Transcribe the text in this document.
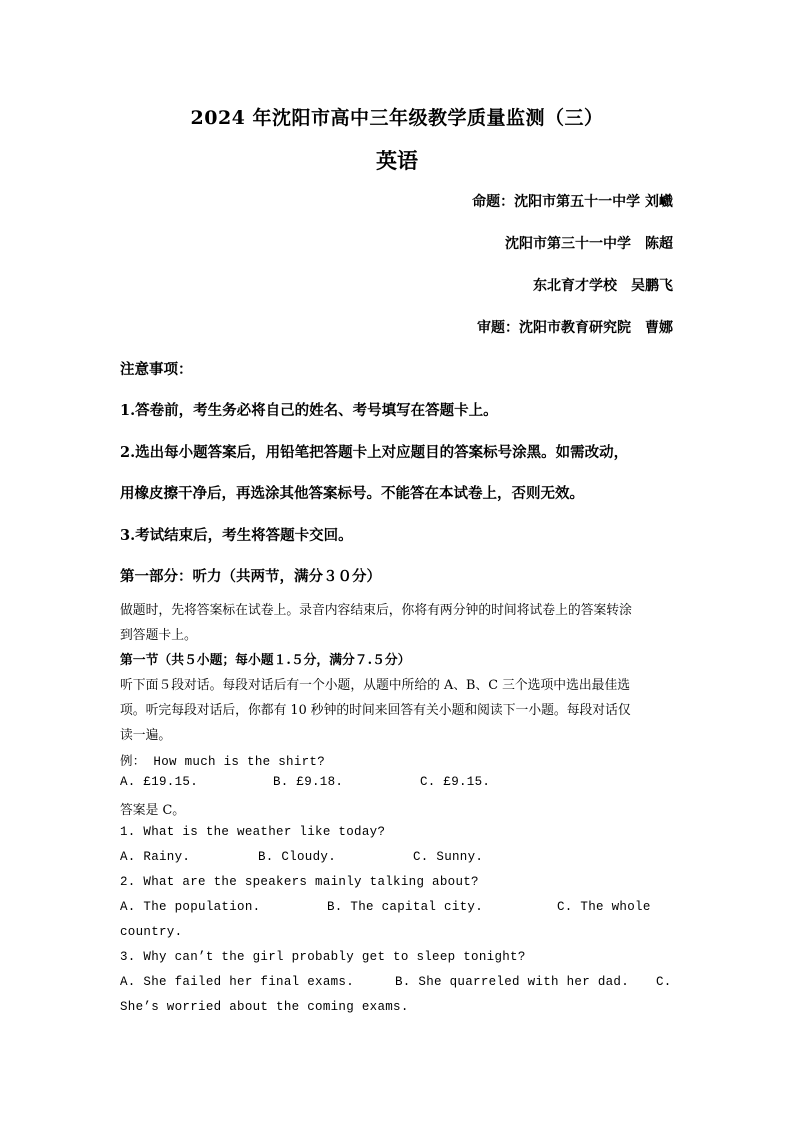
2024 年沈阳市高中三年级教学质量监测（三）
英语
命题：沈阳市第五十一中学 刘巇
沈阳市第三十一中学　陈超
东北育才学校　吴鹏飞
审题：沈阳市教育研究院　曹娜
注意事项：
1.答卷前，考生务必将自己的姓名、考号填写在答题卡上。
2.选出每小题答案后，用铅笔把答题卡上对应题目的答案标号涂黑。如需改动，
用橡皮擦干净后，再选涂其他答案标号。不能答在本试卷上，否则无效。
3.考试结束后，考生将答题卡交回。
第一部分：听力（共两节，满分３０分）
做题时，先将答案标在试卷上。录音内容结束后，你将有两分钟的时间将试卷上的答案转涂
到答题卡上。
第一节（共５小题；每小题１.５分，满分７.５分）
听下面５段对话。每段对话后有一个小题，从题中所给的 A、B、C 三个选项中选出最佳选
项。听完每段对话后，你都有 10 秒钟的时间来回答有关小题和阅读下一小题。每段对话仅
读一遍。
例： How much is the shirt?
A. £19.15.	B. £9.18.	C. £9.15.
答案是 C。
1. What is the weather like today?
A. Rainy.	B. Cloudy.	C. Sunny.
2. What are the speakers mainly talking about?
A. The population.	B. The capital city.	C. The whole
country.
3. Why can’t the girl probably get to sleep tonight?
A. She failed her final exams.	B. She quarreled with her dad. C.
She’s worried about the coming exams.
